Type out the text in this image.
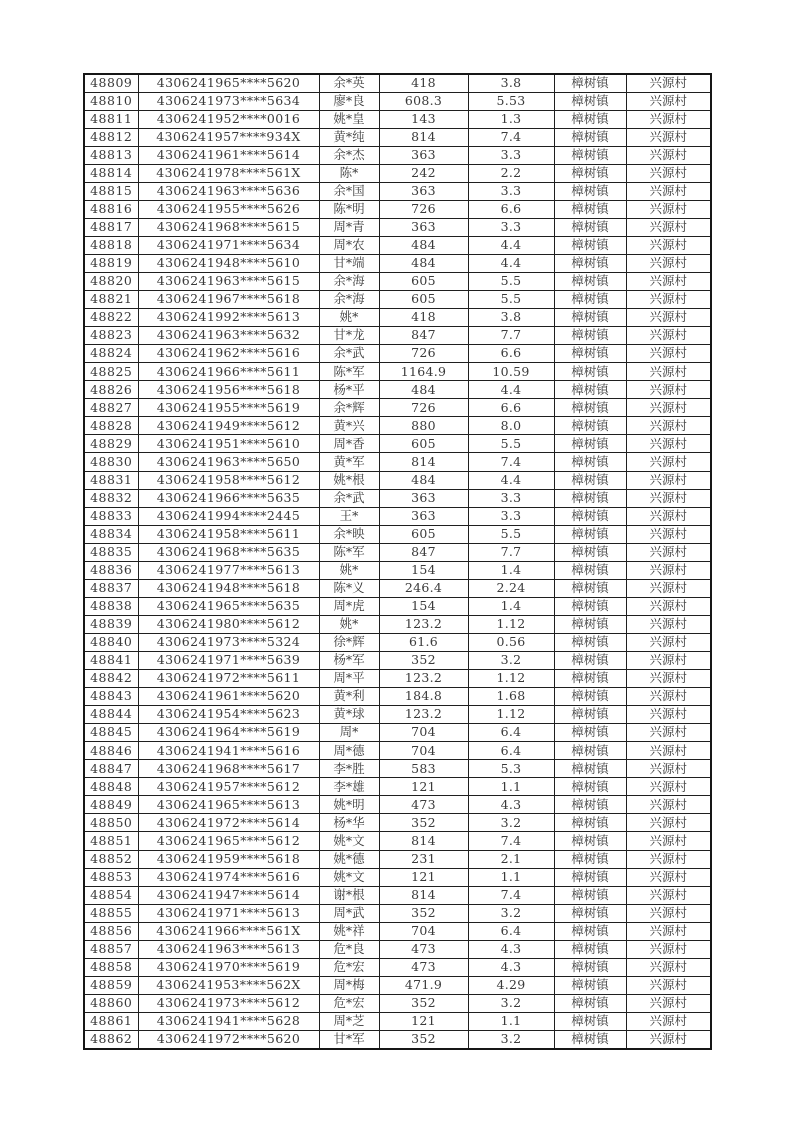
48809	4306241965****5620	余*英	418	3.8	樟树镇	兴源村
48810	4306241973****5634	廖*良	608.3	5.53	樟树镇	兴源村
48811	4306241952****0016	姚*皇	143	1.3	樟树镇	兴源村
48812	4306241957****934X	黄*纯	814	7.4	樟树镇	兴源村
48813	4306241961****5614	余*杰	363	3.3	樟树镇	兴源村
48814	4306241978****561X	陈*	242	2.2	樟树镇	兴源村
48815	4306241963****5636	余*国	363	3.3	樟树镇	兴源村
48816	4306241955****5626	陈*明	726	6.6	樟树镇	兴源村
48817	4306241968****5615	周*青	363	3.3	樟树镇	兴源村
48818	4306241971****5634	周*农	484	4.4	樟树镇	兴源村
48819	4306241948****5610	甘*端	484	4.4	樟树镇	兴源村
48820	4306241963****5615	余*海	605	5.5	樟树镇	兴源村
48821	4306241967****5618	余*海	605	5.5	樟树镇	兴源村
48822	4306241992****5613	姚*	418	3.8	樟树镇	兴源村
48823	4306241963****5632	甘*龙	847	7.7	樟树镇	兴源村
48824	4306241962****5616	余*武	726	6.6	樟树镇	兴源村
48825	4306241966****5611	陈*军	1164.9	10.59	樟树镇	兴源村
48826	4306241956****5618	杨*平	484	4.4	樟树镇	兴源村
48827	4306241955****5619	余*辉	726	6.6	樟树镇	兴源村
48828	4306241949****5612	黄*兴	880	8.0	樟树镇	兴源村
48829	4306241951****5610	周*香	605	5.5	樟树镇	兴源村
48830	4306241963****5650	黄*军	814	7.4	樟树镇	兴源村
48831	4306241958****5612	姚*根	484	4.4	樟树镇	兴源村
48832	4306241966****5635	余*武	363	3.3	樟树镇	兴源村
48833	4306241994****2445	王*	363	3.3	樟树镇	兴源村
48834	4306241958****5611	余*映	605	5.5	樟树镇	兴源村
48835	4306241968****5635	陈*军	847	7.7	樟树镇	兴源村
48836	4306241977****5613	姚*	154	1.4	樟树镇	兴源村
48837	4306241948****5618	陈*义	246.4	2.24	樟树镇	兴源村
48838	4306241965****5635	周*虎	154	1.4	樟树镇	兴源村
48839	4306241980****5612	姚*	123.2	1.12	樟树镇	兴源村
48840	4306241973****5324	徐*辉	61.6	0.56	樟树镇	兴源村
48841	4306241971****5639	杨*军	352	3.2	樟树镇	兴源村
48842	4306241972****5611	周*平	123.2	1.12	樟树镇	兴源村
48843	4306241961****5620	黄*利	184.8	1.68	樟树镇	兴源村
48844	4306241954****5623	黄*球	123.2	1.12	樟树镇	兴源村
48845	4306241964****5619	周*	704	6.4	樟树镇	兴源村
48846	4306241941****5616	周*德	704	6.4	樟树镇	兴源村
48847	4306241968****5617	李*胜	583	5.3	樟树镇	兴源村
48848	4306241957****5612	李*雄	121	1.1	樟树镇	兴源村
48849	4306241965****5613	姚*明	473	4.3	樟树镇	兴源村
48850	4306241972****5614	杨*华	352	3.2	樟树镇	兴源村
48851	4306241965****5612	姚*文	814	7.4	樟树镇	兴源村
48852	4306241959****5618	姚*德	231	2.1	樟树镇	兴源村
48853	4306241974****5616	姚*文	121	1.1	樟树镇	兴源村
48854	4306241947****5614	谢*根	814	7.4	樟树镇	兴源村
48855	4306241971****5613	周*武	352	3.2	樟树镇	兴源村
48856	4306241966****561X	姚*祥	704	6.4	樟树镇	兴源村
48857	4306241963****5613	危*良	473	4.3	樟树镇	兴源村
48858	4306241970****5619	危*宏	473	4.3	樟树镇	兴源村
48859	4306241953****562X	周*梅	471.9	4.29	樟树镇	兴源村
48860	4306241973****5612	危*宏	352	3.2	樟树镇	兴源村
48861	4306241941****5628	周*芝	121	1.1	樟树镇	兴源村
48862	4306241972****5620	甘*军	352	3.2	樟树镇	兴源村
